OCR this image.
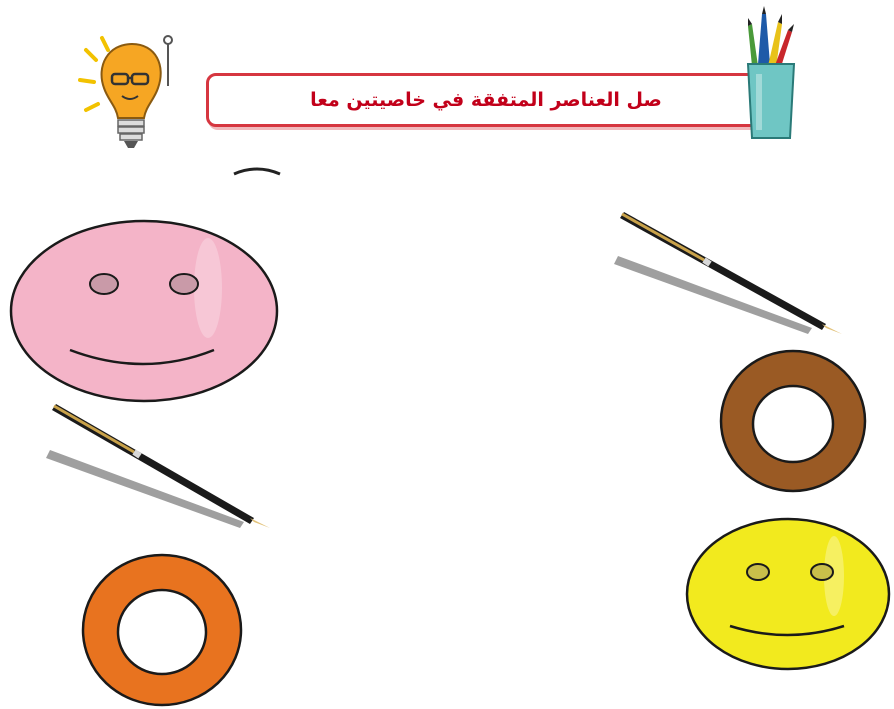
صل العناصر المتفقة في خاصيتين معا
